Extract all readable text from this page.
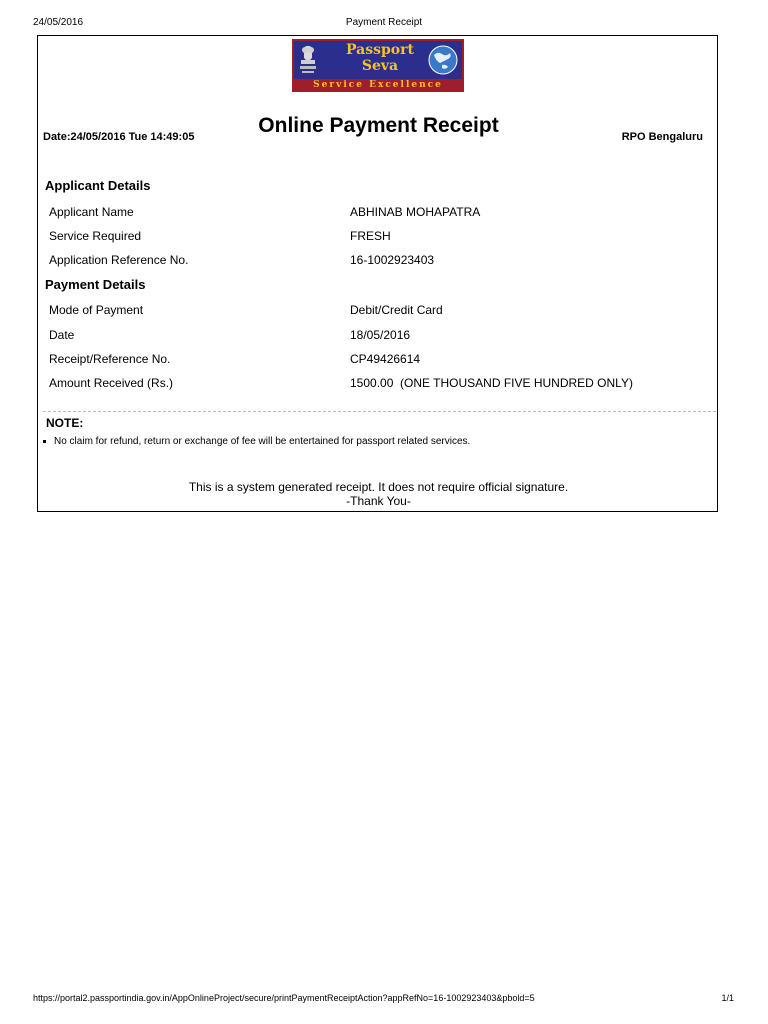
24/05/2016	Payment Receipt
Passport
Seva
Service Excellence
Date:24/05/2016 Tue 14:49:05	Online Payment Receipt	RPO Bengaluru
Applicant Details
Applicant Name	ABHINAB MOHAPATRA
Service Required	FRESH
Application Reference No.	16-1002923403
Payment Details
Mode of Payment	Debit/Credit Card
Date	18/05/2016
Receipt/Reference No.	CP49426614
Amount Received (Rs.)	1500.00  (ONE THOUSAND FIVE HUNDRED ONLY)
NOTE:
No claim for refund, return or exchange of fee will be entertained for passport related services.
This is a system generated receipt. It does not require official signature.
-Thank You-
https://portal2.passportindia.gov.in/AppOnlineProject/secure/printPaymentReceiptAction?appRefNo=16-1002923403&pbold=5	1/1
